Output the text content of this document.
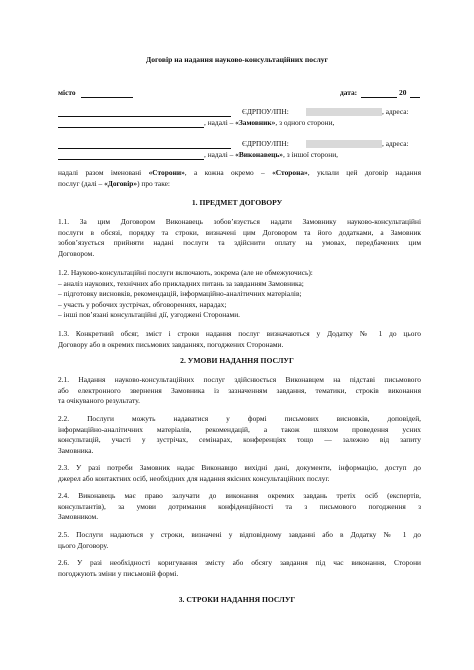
Договір на надання науково-консультаційних послуг
місто	дата:	20
ЄДРПОУ/ІПН:	, адреса:
, надалі – «Замовник», з одного сторони,
ЄДРПОУ/ІПН:	, адреса:
, надалі – «Виконавець», з іншої сторони,
надалі разом іменовані «Сторони», а кожна окремо – «Сторона», уклали цей договір надання
послуг (далі – «Договір») про таке:
1. ПРЕДМЕТ ДОГОВОРУ
1.1. За цим Договором Виконавець зобов’язується надати Замовнику науково-консультаційні
послуги в обсязі, порядку та строки, визначені цим Договором та його додатками, а Замовник
зобов’язується прийняти надані послуги та здійснити оплату на умовах, передбачених цим
Договором.
1.2. Науково-консультаційні послуги включають, зокрема (але не обмежуючись):
– аналіз наукових, технічних або прикладних питань за завданням Замовника;
– підготовку висновків, рекомендацій, інформаційно-аналітичних матеріалів;
– участь у робочих зустрічах, обговореннях, нарадах;
– інші пов’язані консультаційні дії, узгоджені Сторонами.
1.3. Конкретний обсяг, зміст і строки надання послуг визначаються у Додатку № 1 до цього
Договору або в окремих письмових завданнях, погоджених Сторонами.
2. УМОВИ НАДАННЯ ПОСЛУГ
2.1. Надання науково-консультаційних послуг здійснюється Виконавцем на підставі письмового
або електронного звернення Замовника із зазначенням завдання, тематики, строків виконання
та очікуваного результату.
2.2. Послуги можуть надаватися у формі письмових висновків, доповідей,
інформаційно-аналітичних матеріалів, рекомендацій, а також шляхом проведення усних
консультацій, участі у зустрічах, семінарах, конференціях тощо — залежно від запиту
Замовника.
2.3. У разі потреби Замовник надає Виконавцю вихідні дані, документи, інформацію, доступ до
джерел або контактних осіб, необхідних для надання якісних консультаційних послуг.
2.4. Виконавець має право залучати до виконання окремих завдань третіх осіб (експертів,
консультантів), за умови дотримання конфіденційності та з письмового погодження з
Замовником.
2.5. Послуги надаються у строки, визначені у відповідному завданні або в Додатку № 1 до
цього Договору.
2.6. У разі необхідності коригування змісту або обсягу завдання під час виконання, Сторони
погоджують зміни у письмовій формі.
3. СТРОКИ НАДАННЯ ПОСЛУГ
